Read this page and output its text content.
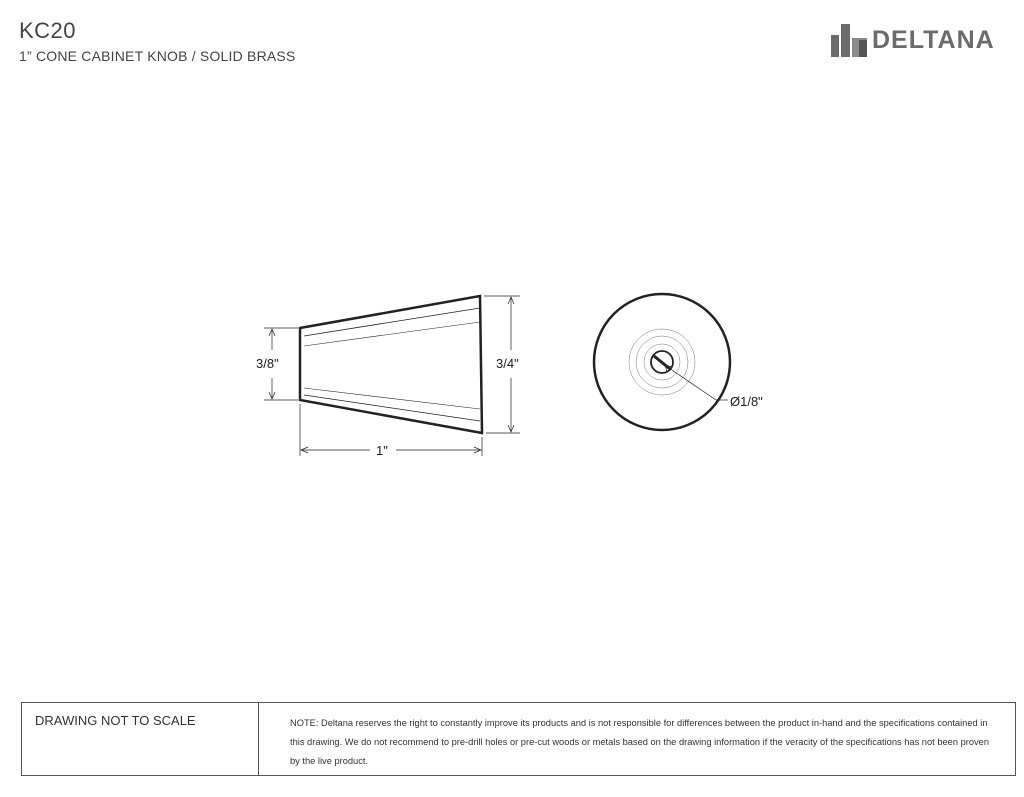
KC20
1” CONE CABINET KNOB / SOLID BRASS
DELTANA
3/8"	3/4"
1"
Ø1/8"
DRAWING NOT TO SCALE	NOTE: Deltana reserves the right to constantly improve its products and is not responsible for differences between the product in-hand and the specifications contained in this drawing. We do not recommend to pre-drill holes or pre-cut woods or metals based on the drawing information if the veracity of the specifications has not been proven by the live product.
